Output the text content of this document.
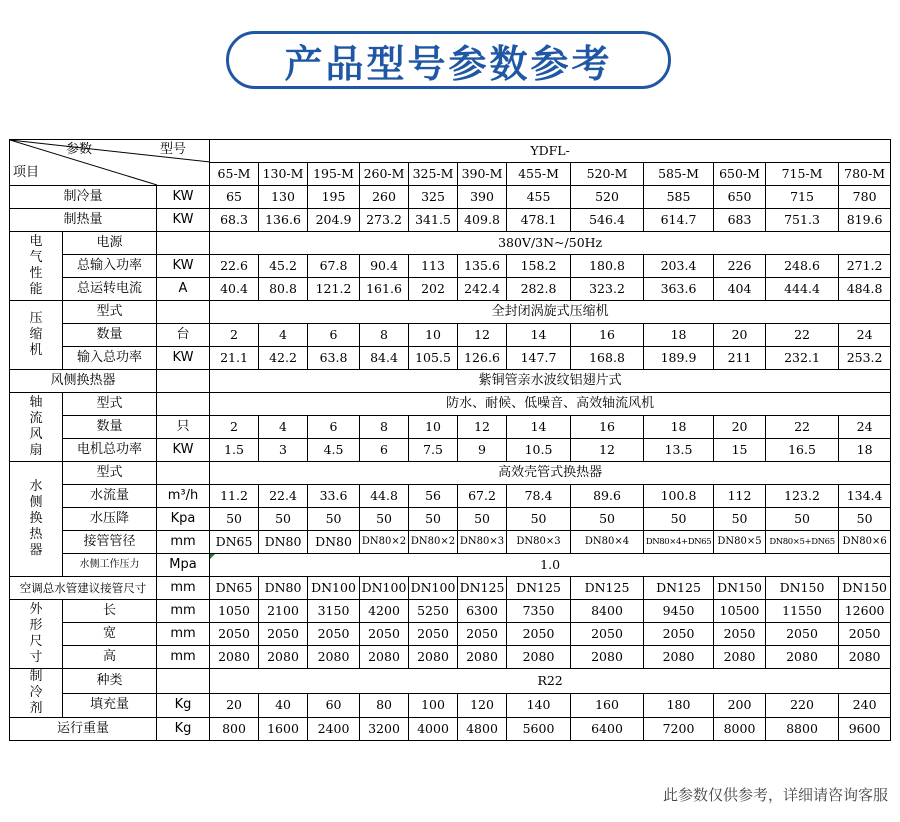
产品型号参数参考
参数 型号
项目			YDFL-											
			65-M	130-M	195-M	260-M	325-M	390-M	455-M	520-M	585-M	650-M	715-M	780-M
制冷量		KW	65	130	195	260	325	390	455	520	585	650	715	780
制热量		KW	68.3	136.6	204.9	273.2	341.5	409.8	478.1	546.4	614.7	683	751.3	819.6
电
气
性
能	电源		380V/3N~/50Hz											
	总输入功率	KW	22.6	45.2	67.8	90.4	113	135.6	158.2	180.8	203.4	226	248.6	271.2
	总运转电流	A	40.4	80.8	121.2	161.6	202	242.4	282.8	323.2	363.6	404	444.4	484.8
压
缩
机	型式		全封闭涡旋式压缩机											
	数量	台	2	4	6	8	10	12	14	16	18	20	22	24
	输入总功率	KW	21.1	42.2	63.8	84.4	105.5	126.6	147.7	168.8	189.9	211	232.1	253.2
风侧换热器			紫铜管亲水波纹铝翅片式											
轴
流
风
扇	型式		防水、耐候、低噪音、高效轴流风机											
	数量	只	2	4	6	8	10	12	14	16	18	20	22	24
	电机总功率	KW	1.5	3	4.5	6	7.5	9	10.5	12	13.5	15	16.5	18
水
侧
换
热
器	型式		高效壳管式换热器											
	水流量	m³/h	11.2	22.4	33.6	44.8	56	67.2	78.4	89.6	100.8	112	123.2	134.4
	水压降	Kpa	50	50	50	50	50	50	50	50	50	50	50	50
	接管管径	mm	DN65	DN80	DN80	DN80×2	DN80×2	DN80×3	DN80×3	DN80×4	DN80×4+DN65	DN80×5	DN80×5+DN65	DN80×6
	水侧工作压力	Mpa	1.0											
空调总水管建议接管尺寸		mm	DN65	DN80	DN100	DN100	DN100	DN125	DN125	DN125	DN125	DN150	DN150	DN150
外
形
尺
寸	长	mm	1050	2100	3150	4200	5250	6300	7350	8400	9450	10500	11550	12600
	宽	mm	2050	2050	2050	2050	2050	2050	2050	2050	2050	2050	2050	2050
	高	mm	2080	2080	2080	2080	2080	2080	2080	2080	2080	2080	2080	2080
制
冷
剂	种类		R22											
	填充量	Kg	20	40	60	80	100	120	140	160	180	200	220	240
运行重量		Kg	800	1600	2400	3200	4000	4800	5600	6400	7200	8000	8800	9600
此参数仅供参考，详细请咨询客服
